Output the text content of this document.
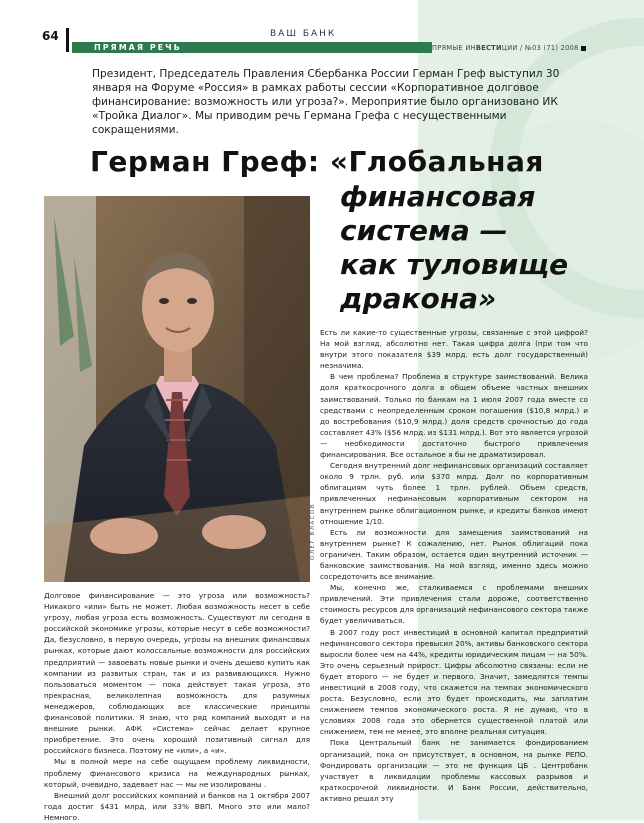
64
ПРЯМАЯ РЕЧЬ
ВАШ БАНК
ПРЯМЫЕ ИНВЕСТИЦИИ / №03 (71) 2008
Президент, Председатель Правления Сбербанка России Герман Греф выступил 30 января на Форуме «Россия» в рамках работы сессии «Корпоративное долговое финансирование: возможность или угроза?». Мероприятие было организовано ИК «Тройка Диалог». Мы приводим речь Германа Грефа с несущественными сокращениями.
Герман Греф: «Глобальная
финансовая
система —
как туловище
дракона»
ОЛЕГ ВЛАСОВ

Долговое финансирование — это угроза или возможность? Никакого «или» быть не может. Любая возможность несет в себе угрозу, любая угроза есть возможность. Существуют ли сегодня в российской экономике угрозы, которые несут в себе возможности? Да, безусловно, в первую очередь, угрозы на внешних финансовых рынках, которые дают колоссальные возможности для российских предприятий — завоевать новые рынки и очень дешево купить как компании из развитых стран, так и из развивающихся. Нужно пользоваться моментом — пока действует такая угроза, это прекрасная, великолепная возможность для разумных менеджеров, соблюдающих все классические принципы финансовой политики. Я знаю, что ряд компаний выходят и на внешние рынки. АФК «Система» сейчас делает крупное приобретение. Это очень хороший позитивный сигнал для российского бизнеса. Поэтому не «или», а «и».

Мы в полной мере на себе ощущаем проблему ликвидности, проблему финансового кризиса на международных рынках, который, очевидно, задевает нас — мы не изолированы .

Внешний долг российских компаний и банков на 1 октября 2007 года достиг $431 млрд, или 33% ВВП. Много это или мало? Немного.

Есть ли какие-то существенные угрозы, связанные с этой цифрой? На мой взгляд, абсолютно нет. Такая цифра долга (при том что внутри этого показателя $39 млрд. есть долг государственный) незначима.

В чем проблема? Проблема в структуре заимствований. Велика доля краткосрочного долга в общем объеме частных внешних заимствований. Только по банкам на 1 июля 2007 года вместе со средствами с неопределенным сроком погашения ($10,8 млрд.) и до востребования ($10,9 млрд.) доля средств срочностью до года составляет 43% ($56 млрд. из $131 млрд.). Вот это является угрозой — необходимости достаточно быстрого привлечения финансирования. Все остальное я бы не драматизировал.

Сегодня внутренний долг нефинансовых организаций составляет около 9 трлн. руб. или $370 млрд. Долг по корпоративным облигациям чуть более 1 трлн. рублей. Объем средств, привлеченных нефинансовым корпоративным сектором на внутреннем рынке облигационном рынке, и кредиты банков имеют отношение 1/10.

Есть ли возможности для замещения заимствований на внутреннем рынке? К сожалению, нет. Рынок облигаций пока ограничен. Таким образом, остается один внутренний источник — банковские заимствования. На мой взгляд, именно здесь можно сосредоточить все внимание.

Мы, конечно же, сталкиваемся с проблемами внешних привлечений. Эти привлечения стали дороже, соответственно стоимость ресурсов для организаций нефинансового сектора также будет увеличиваться.

В 2007 году рост инвестиций в основной капитал предприятий нефинансового сектора превысил 20%, активы банковского сектора выросли более чем на 44%, кредиты юридическим лицам — на 50%. Это очень серьезный прирост. Цифры абсолютно связаны: если не будет второго — не будет и первого. Значит, замедлятся темпы инвестиций в 2008 году, что скажется на темпах экономического роста. Безусловно, если это будет происходить, мы заплатим снижением темпов экономического роста. Я не думаю, что в условиях 2008 года это обернется существенной платой или снижением, тем не менее, это вполне реальная ситуация.

Пока Центральный банк не занимается фондированием организаций, пока он присутствует, в основном, на рынке РЕПО. Фондировать организации — это не функция ЦБ . Центробанк участвует в ликвидации проблемы кассовых разрывов и краткосрочной ликвидности. И Банк России, действительно, активно решал эту
